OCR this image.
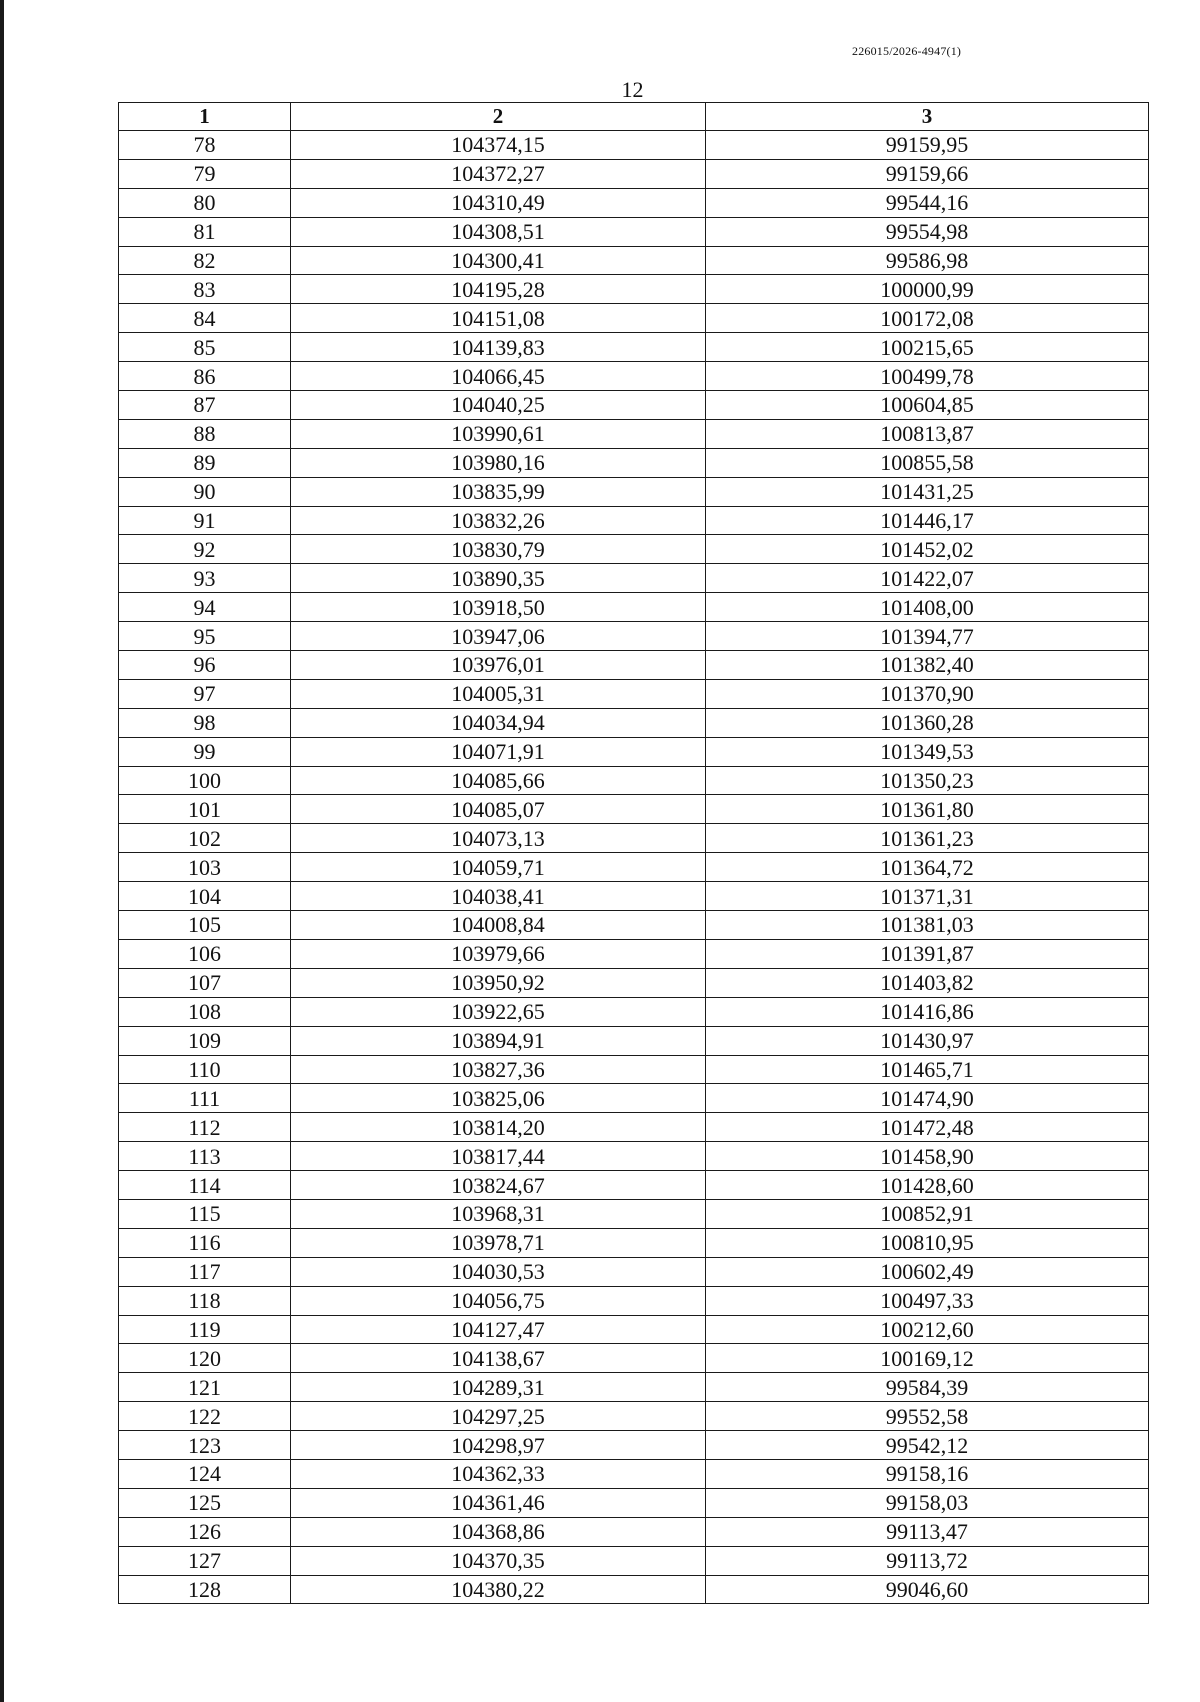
226015/2026-4947(1)
12
1	2	3
78	104374,15	99159,95
79	104372,27	99159,66
80	104310,49	99544,16
81	104308,51	99554,98
82	104300,41	99586,98
83	104195,28	100000,99
84	104151,08	100172,08
85	104139,83	100215,65
86	104066,45	100499,78
87	104040,25	100604,85
88	103990,61	100813,87
89	103980,16	100855,58
90	103835,99	101431,25
91	103832,26	101446,17
92	103830,79	101452,02
93	103890,35	101422,07
94	103918,50	101408,00
95	103947,06	101394,77
96	103976,01	101382,40
97	104005,31	101370,90
98	104034,94	101360,28
99	104071,91	101349,53
100	104085,66	101350,23
101	104085,07	101361,80
102	104073,13	101361,23
103	104059,71	101364,72
104	104038,41	101371,31
105	104008,84	101381,03
106	103979,66	101391,87
107	103950,92	101403,82
108	103922,65	101416,86
109	103894,91	101430,97
110	103827,36	101465,71
111	103825,06	101474,90
112	103814,20	101472,48
113	103817,44	101458,90
114	103824,67	101428,60
115	103968,31	100852,91
116	103978,71	100810,95
117	104030,53	100602,49
118	104056,75	100497,33
119	104127,47	100212,60
120	104138,67	100169,12
121	104289,31	99584,39
122	104297,25	99552,58
123	104298,97	99542,12
124	104362,33	99158,16
125	104361,46	99158,03
126	104368,86	99113,47
127	104370,35	99113,72
128	104380,22	99046,60
